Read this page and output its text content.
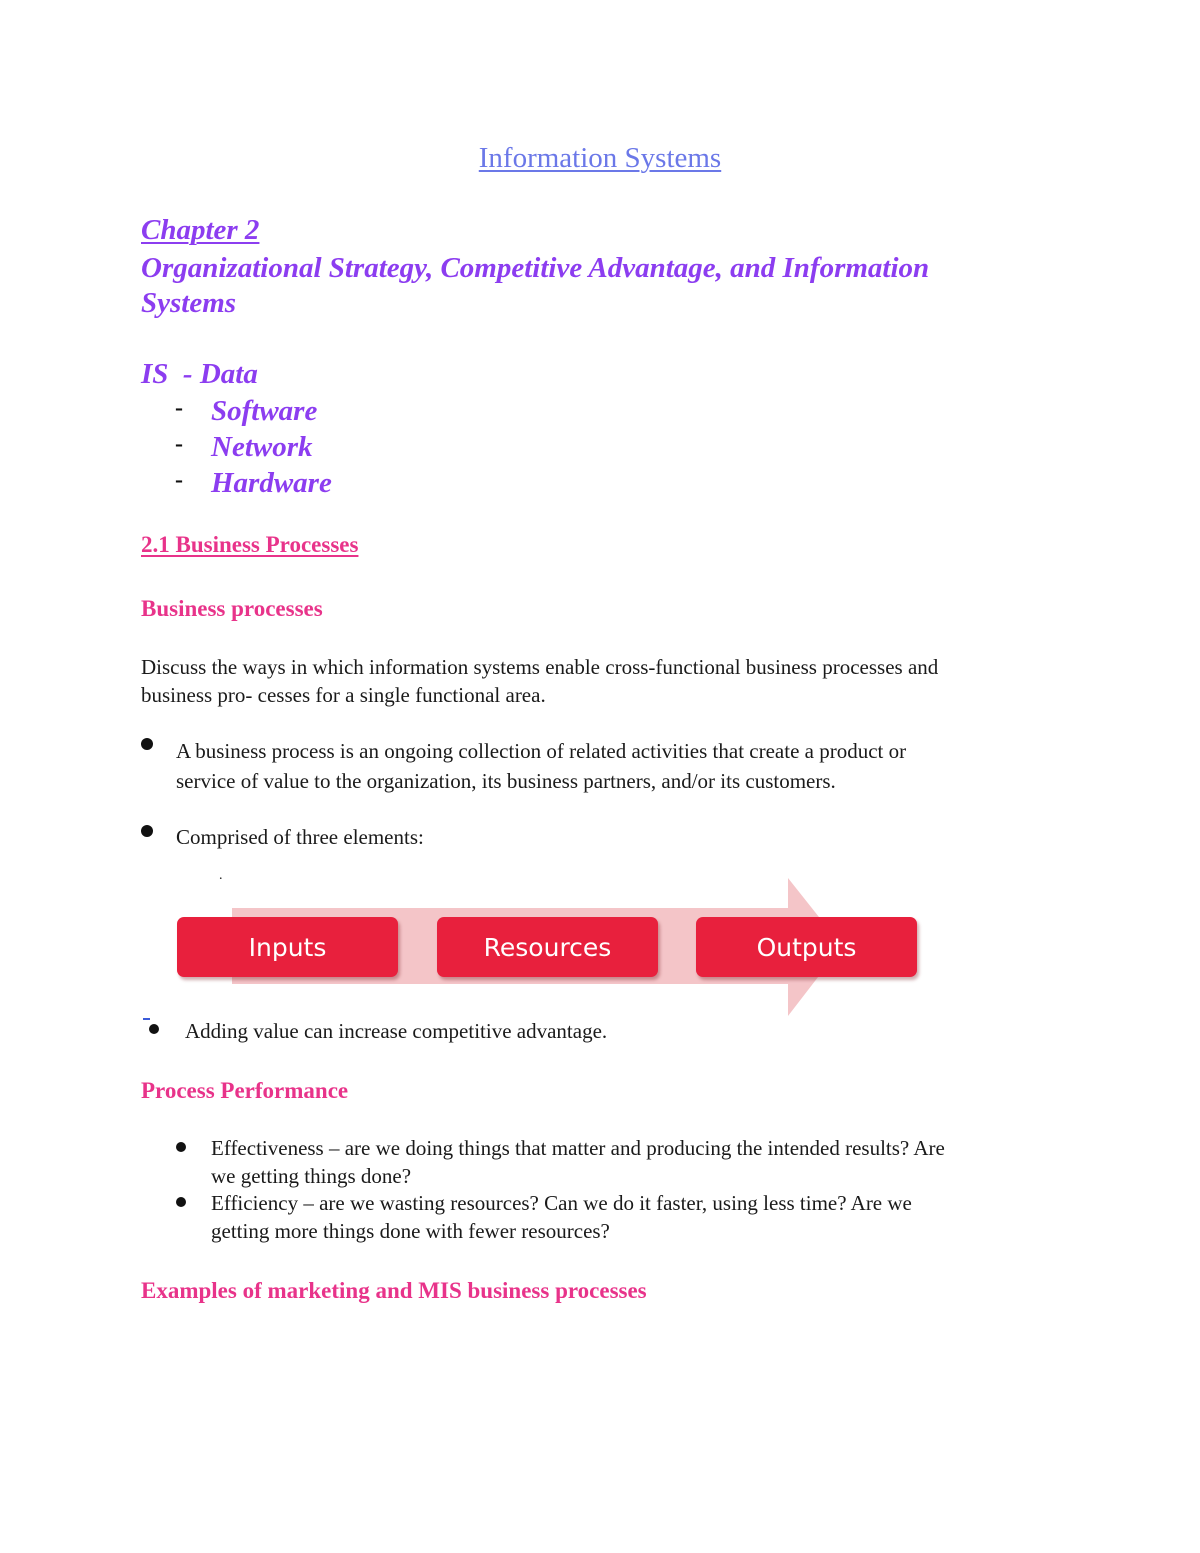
Information Systems
Chapter 2
Organizational Strategy, Competitive Advantage, and Information
Systems
IS  - Data
- Software
- Network
- Hardware
2.1 Business Processes
Business processes
Discuss the ways in which information systems enable cross-functional business processes and
business pro- cesses for a single functional area.
A business process is an ongoing collection of related activities that create a product or
service of value to the organization, its business partners, and/or its customers.
Comprised of three elements:
.
Inputs	Resources	Outputs
Adding value can increase competitive advantage.
Process Performance
Effectiveness – are we doing things that matter and producing the intended results? Are
we getting things done?
Efficiency – are we wasting resources? Can we do it faster, using less time? Are we
getting more things done with fewer resources?
Examples of marketing and MIS business processes
